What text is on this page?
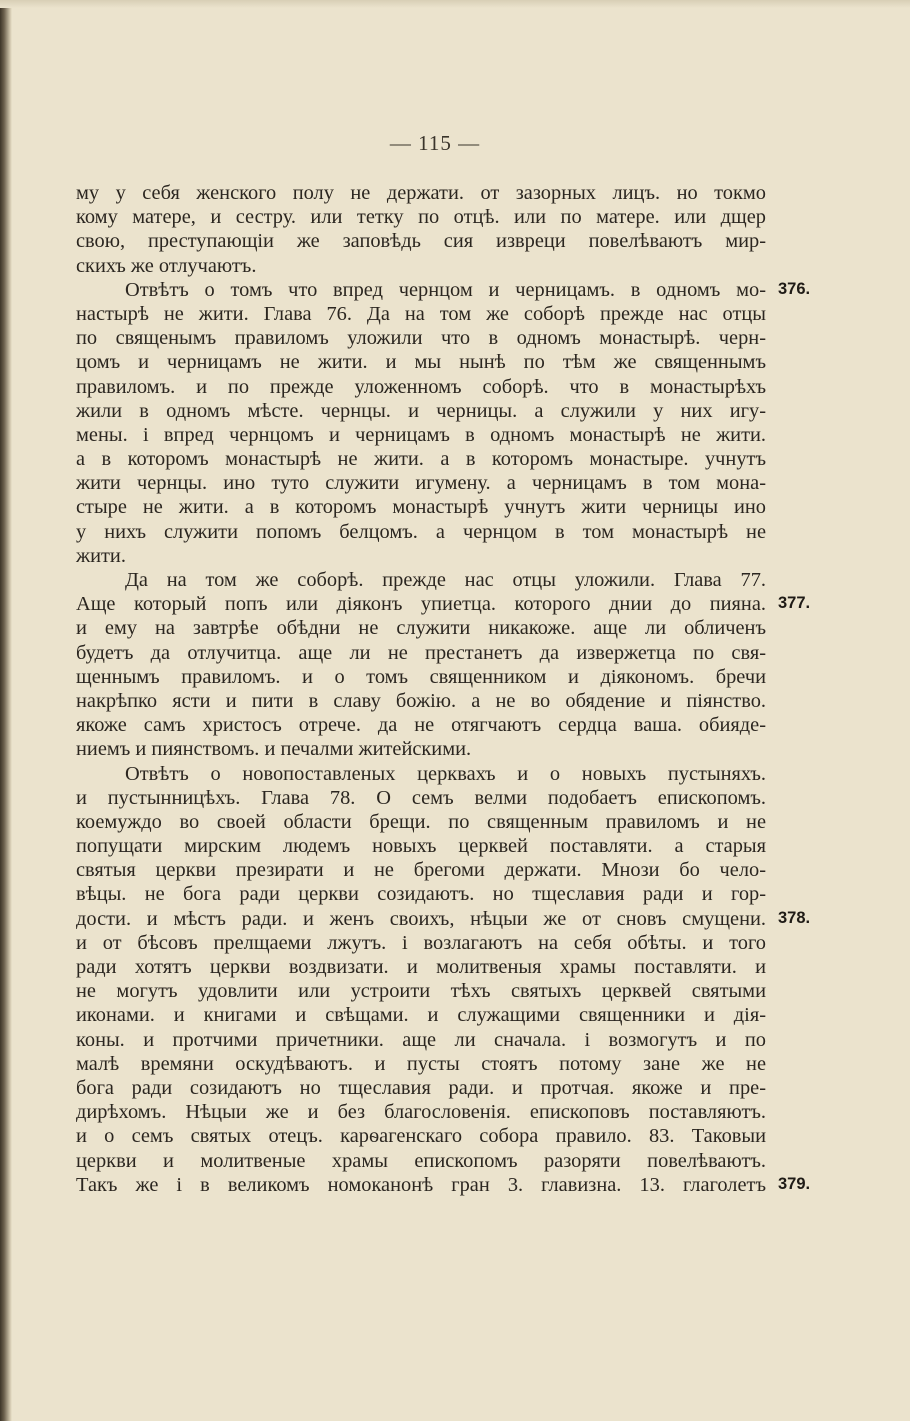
— 115 —
му у себя женского полу не держати. от зазорных лицъ. но токмо
кому матере, и сестру. или тетку по отцѣ. или по матере. или дщер
свою, преступающіи же заповѣдь сия извреци повелѣваютъ мир-
скихъ же отлучаютъ.
Отвѣтъ о томъ что впред чернцом и черницамъ. в одномъ мо-
настырѣ не жити. Глава 76. Да на том же соборѣ прежде нас отцы
по священымъ правиломъ уложили что в одномъ монастырѣ. черн-
цомъ и черницамъ не жити. и мы нынѣ по тѣм же священнымъ
правиломъ. и по прежде уложенномъ соборѣ. что в монастырѣхъ
жили в одномъ мѣсте. чернцы. и черницы. а служили у них игу-
мены. і впред чернцомъ и черницамъ в одномъ монастырѣ не жити.
а в которомъ монастырѣ не жити. а в которомъ монастыре. учнутъ
жити чернцы. ино туто служити игумену. а черницамъ в том мона-
стыре не жити. а в которомъ монастырѣ учнутъ жити черницы ино
у нихъ служити попомъ белцомъ. а чернцом в том монастырѣ не
жити.
Да на том же соборѣ. прежде нас отцы уложили. Глава 77.
Аще который попъ или діяконъ упиетца. которого днии до пияна.
и ему на завтрѣе обѣдни не служити никакоже. аще ли обличенъ
будетъ да отлучитца. аще ли не престанетъ да извержетца по свя-
щеннымъ правиломъ. и о томъ священником и діякономъ. бречи
накрѣпко ясти и пити в славу божію. а не во обядение и піянство.
якоже самъ христосъ отрече. да не отягчаютъ сердца ваша. обияде-
ниемъ и пиянствомъ. и печалми житейскими.
Отвѣтъ о новопоставленых церквахъ и о новыхъ пустыняхъ.
и пустынницѣхъ. Глава 78. О семъ велми подобаетъ епископомъ.
коемуждо во своей области брещи. по священным правиломъ и не
попущати мирским людемъ новыхъ церквей поставляти. а старыя
святыя церкви презирати и не брегоми держати. Мнози бо чело-
вѣцы. не бога ради церкви созидаютъ. но тщеславия ради и гор-
дости. и мѣстъ ради. и женъ своихъ, нѣцыи же от сновъ смущени.
и от бѣсовъ прелщаеми лжутъ. і возлагаютъ на себя обѣты. и того
ради хотятъ церкви воздвизати. и молитвеныя храмы поставляти. и
не могутъ удовлити или устроити тѣхъ святыхъ церквей святыми
иконами. и книгами и свѣщами. и служащими священники и дія-
коны. и протчими причетники. аще ли сначала. і возмогутъ и по
малѣ времяни оскудѣваютъ. и пусты стоятъ потому зане же не
бога ради созидаютъ но тщеславия ради. и протчая. якоже и пре-
дирѣхомъ. Нѣцыи же и без благословенія. епископовъ поставляютъ.
и о семъ святых отецъ. карѳагенскаго собора правило. 83. Таковыи
церкви и молитвеные храмы епископомъ разоряти повелѣваютъ.
Такъ же і в великомъ номоканонѣ гран 3. главизна. 13. глаголетъ
376.
377.
378.
379.
